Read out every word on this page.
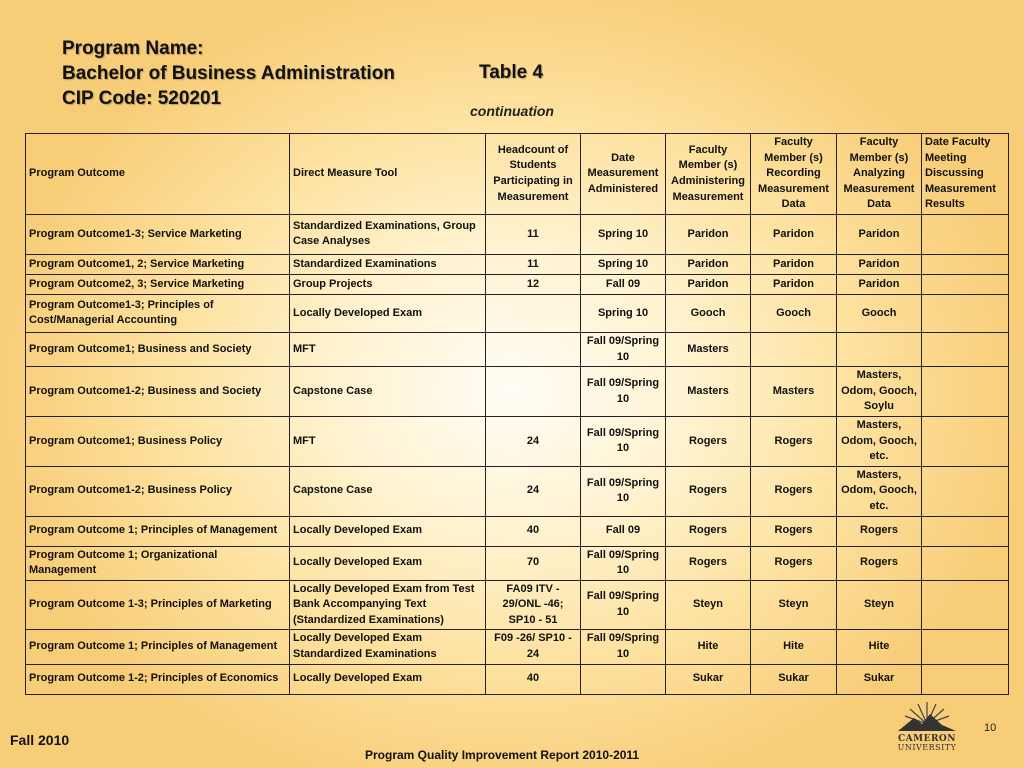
Program Name:
Bachelor of Business Administration
CIP Code: 520201
Table 4
continuation
Program Outcome	Direct Measure Tool	Headcount of Students Participating in Measurement	Date Measurement Administered	Faculty Member (s) Administering Measurement	Faculty Member (s) Recording Measurement Data	Faculty Member (s) Analyzing Measurement Data	Date Faculty Meeting Discussing Measurement Results
Program Outcome1-3; Service Marketing	Standardized Examinations, Group Case Analyses	11	Spring 10	Paridon	Paridon	Paridon	
Program Outcome1, 2; Service Marketing	Standardized Examinations	11	Spring 10	Paridon	Paridon	Paridon	
Program Outcome2, 3; Service Marketing	Group Projects	12	Fall 09	Paridon	Paridon	Paridon	
Program Outcome1-3; Principles of Cost/Managerial Accounting	Locally Developed Exam		Spring 10	Gooch	Gooch	Gooch	
Program Outcome1; Business and Society	MFT		Fall 09/Spring 10	Masters			
Program Outcome1-2; Business and Society	Capstone Case		Fall 09/Spring 10	Masters	Masters	Masters, Odom, Gooch, Soylu	
Program Outcome1; Business Policy	MFT	24	Fall 09/Spring 10	Rogers	Rogers	Masters, Odom, Gooch, etc.	
Program Outcome1-2; Business Policy	Capstone Case	24	Fall 09/Spring 10	Rogers	Rogers	Masters, Odom, Gooch, etc.	
Program Outcome 1; Principles of Management	Locally Developed Exam	40	Fall 09	Rogers	Rogers	Rogers	
Program Outcome 1; Organizational Management	Locally Developed Exam	70	Fall 09/Spring 10	Rogers	Rogers	Rogers	
Program Outcome 1-3; Principles of Marketing	Locally Developed Exam from Test Bank Accompanying Text (Standardized Examinations)	FA09 ITV - 29/ONL -46; SP10 - 51	Fall 09/Spring 10	Steyn	Steyn	Steyn	
Program Outcome 1; Principles of Management	Locally Developed Exam Standardized Examinations	F09 -26/ SP10 - 24	Fall 09/Spring 10	Hite	Hite	Hite	
Program Outcome 1-2; Principles of Economics	Locally Developed Exam	40		Sukar	Sukar	Sukar	
10
CAMERON
UNIVERSITY
Fall 2010
Program Quality Improvement Report 2010-2011
